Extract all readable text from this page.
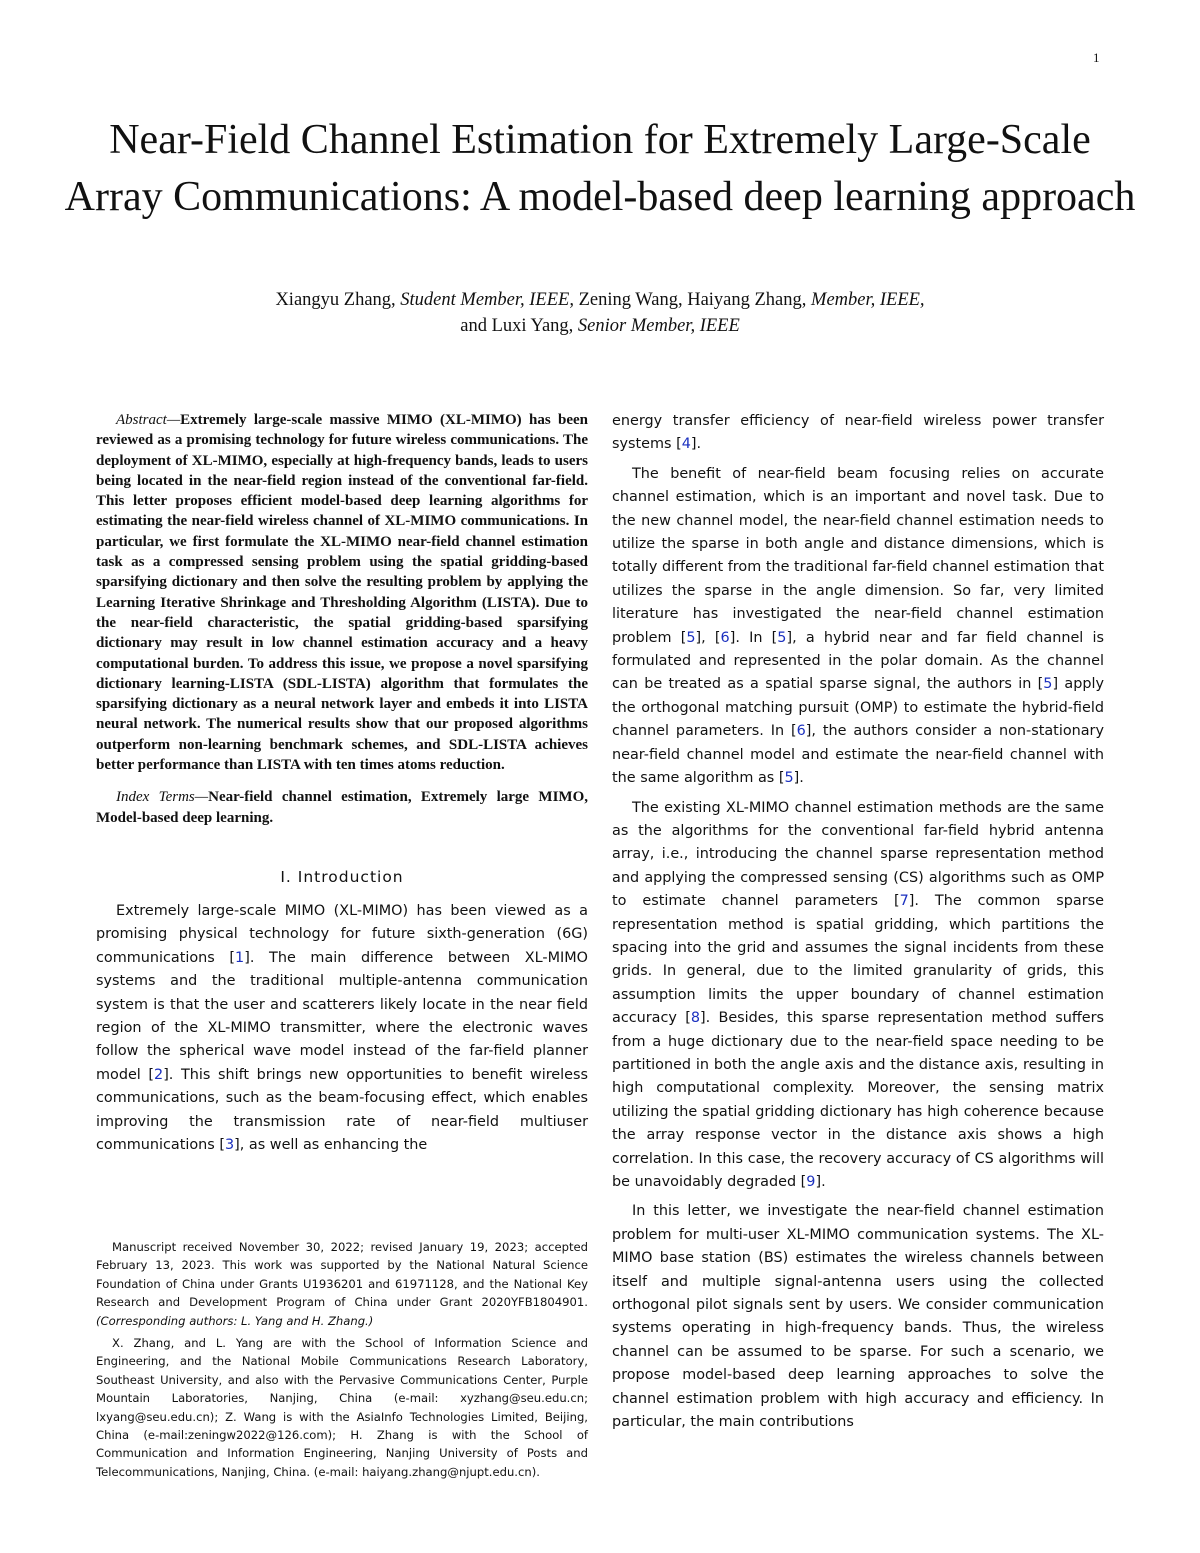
1
Near-Field Channel Estimation for Extremely Large-Scale Array Communications: A model-based deep learning approach
Xiangyu Zhang, Student Member, IEEE, Zening Wang, Haiyang Zhang, Member, IEEE,
and Luxi Yang, Senior Member, IEEE

Abstract—Extremely large-scale massive MIMO (XL-MIMO) has been reviewed as a promising technology for future wireless communications. The deployment of XL-MIMO, especially at high-frequency bands, leads to users being located in the near-field region instead of the conventional far-field. This letter proposes efficient model-based deep learning algorithms for estimating the near-field wireless channel of XL-MIMO communications. In particular, we first formulate the XL-MIMO near-field channel estimation task as a compressed sensing problem using the spatial gridding-based sparsifying dictionary and then solve the resulting problem by applying the Learning Iterative Shrinkage and Thresholding Algorithm (LISTA). Due to the near-field characteristic, the spatial gridding-based sparsifying dictionary may result in low channel estimation accuracy and a heavy computational burden. To address this issue, we propose a novel sparsifying dictionary learning-LISTA (SDL-LISTA) algorithm that formulates the sparsifying dictionary as a neural network layer and embeds it into LISTA neural network. The numerical results show that our proposed algorithms outperform non-learning benchmark schemes, and SDL-LISTA achieves better performance than LISTA with ten times atoms reduction.

Index Terms—Near-field channel estimation, Extremely large MIMO, Model-based deep learning.

I. Introduction

Extremely large-scale MIMO (XL-MIMO) has been viewed as a promising physical technology for future sixth-generation (6G) communications [1]. The main difference between XL-MIMO systems and the traditional multiple-antenna communication system is that the user and scatterers likely locate in the near field region of the XL-MIMO transmitter, where the electronic waves follow the spherical wave model instead of the far-field planner model [2]. This shift brings new opportunities to benefit wireless communications, such as the beam-focusing effect, which enables improving the transmission rate of near-field multiuser communications [3], as well as enhancing the

energy transfer efficiency of near-field wireless power transfer systems [4].

The benefit of near-field beam focusing relies on accurate channel estimation, which is an important and novel task. Due to the new channel model, the near-field channel estimation needs to utilize the sparse in both angle and distance dimensions, which is totally different from the traditional far-field channel estimation that utilizes the sparse in the angle dimension. So far, very limited literature has investigated the near-field channel estimation problem [5], [6]. In [5], a hybrid near and far field channel is formulated and represented in the polar domain. As the channel can be treated as a spatial sparse signal, the authors in [5] apply the orthogonal matching pursuit (OMP) to estimate the hybrid-field channel parameters. In [6], the authors consider a non-stationary near-field channel model and estimate the near-field channel with the same algorithm as [5].

The existing XL-MIMO channel estimation methods are the same as the algorithms for the conventional far-field hybrid antenna array, i.e., introducing the channel sparse representation method and applying the compressed sensing (CS) algorithms such as OMP to estimate channel parameters [7]. The common sparse representation method is spatial gridding, which partitions the spacing into the grid and assumes the signal incidents from these grids. In general, due to the limited granularity of grids, this assumption limits the upper boundary of channel estimation accuracy [8]. Besides, this sparse representation method suffers from a huge dictionary due to the near-field space needing to be partitioned in both the angle axis and the distance axis, resulting in high computational complexity. Moreover, the sensing matrix utilizing the spatial gridding dictionary has high coherence because the array response vector in the distance axis shows a high correlation. In this case, the recovery accuracy of CS algorithms will be unavoidably degraded [9].

In this letter, we investigate the near-field channel estimation problem for multi-user XL-MIMO communication systems. The XL-MIMO base station (BS) estimates the wireless channels between itself and multiple signal-antenna users using the collected orthogonal pilot signals sent by users. We consider communication systems operating in high-frequency bands. Thus, the wireless channel can be assumed to be sparse. For such a scenario, we propose model-based deep learning approaches to solve the channel estimation problem with high accuracy and efficiency. In particular, the main contributions

Manuscript received November 30, 2022; revised January 19, 2023; accepted February 13, 2023. This work was supported by the National Natural Science Foundation of China under Grants U1936201 and 61971128, and the National Key Research and Development Program of China under Grant 2020YFB1804901. (Corresponding authors: L. Yang and H. Zhang.)

X. Zhang, and L. Yang are with the School of Information Science and Engineering, and the National Mobile Communications Research Laboratory, Southeast University, and also with the Pervasive Communications Center, Purple Mountain Laboratories, Nanjing, China (e-mail: xyzhang@seu.edu.cn; lxyang@seu.edu.cn); Z. Wang is with the AsiaInfo Technologies Limited, Beijing, China (e-mail:zeningw2022@126.com); H. Zhang is with the School of Communication and Information Engineering, Nanjing University of Posts and Telecommunications, Nanjing, China. (e-mail: haiyang.zhang@njupt.edu.cn).
